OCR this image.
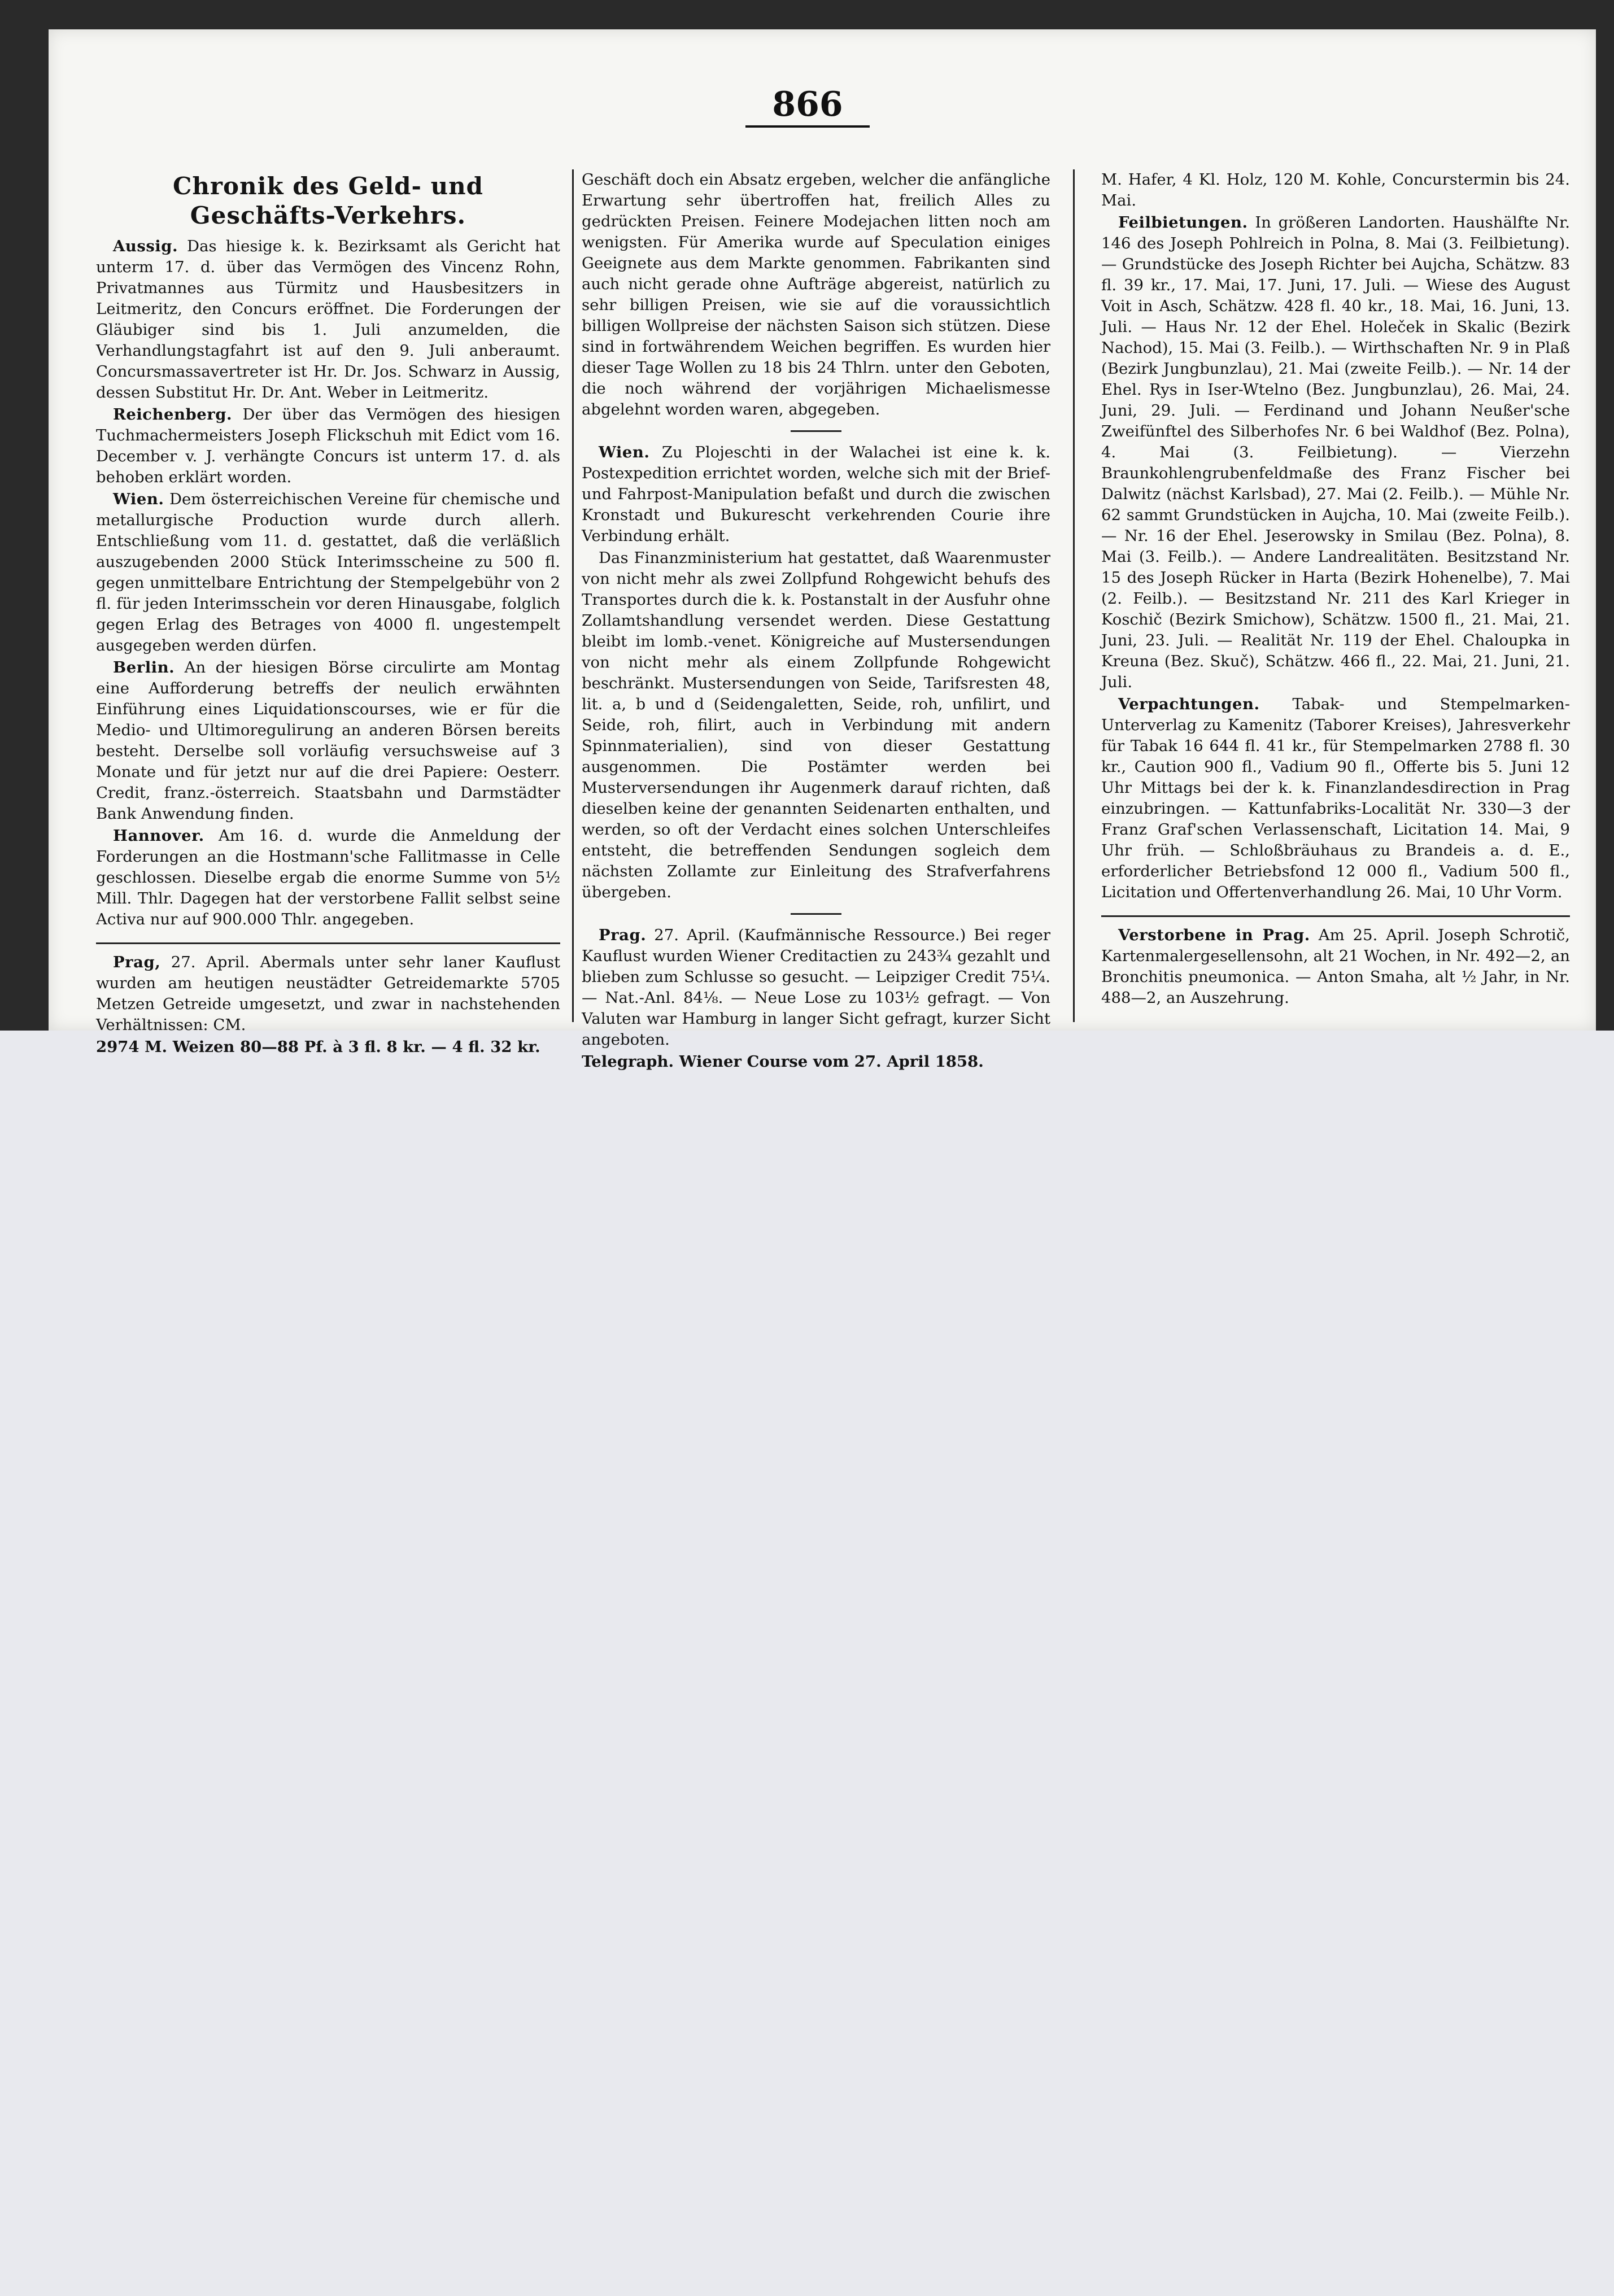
866
Chronik des Geld- und Geschäfts-Verkehrs.

Aussig. Das hiesige k. k. Bezirksamt als Gericht hat unterm 17. d. über das Vermögen des Vincenz Rohn, Privatmannes aus Türmitz und Hausbesitzers in Leitmeritz, den Concurs eröffnet. Die Forderungen der Gläubiger sind bis 1. Juli anzumelden, die Verhandlungstagfahrt ist auf den 9. Juli anberaumt. Concursmassavertreter ist Hr. Dr. Jos. Schwarz in Aussig, dessen Substitut Hr. Dr. Ant. Weber in Leitmeritz.

Reichenberg. Der über das Vermögen des hiesigen Tuchmachermeisters Joseph Flickschuh mit Edict vom 16. December v. J. verhängte Concurs ist unterm 17. d. als behoben erklärt worden.

Wien. Dem österreichischen Vereine für chemische und metallurgische Production wurde durch allerh. Entschließung vom 11. d. gestattet, daß die verläßlich auszugebenden 2000 Stück Interimsscheine zu 500 fl. gegen unmittelbare Entrichtung der Stempelgebühr von 2 fl. für jeden Interimsschein vor deren Hinausgabe, folglich gegen Erlag des Betrages von 4000 fl. ungestempelt ausgegeben werden dürfen.

Berlin. An der hiesigen Börse circulirte am Montag eine Aufforderung betreffs der neulich erwähnten Einführung eines Liquidationscourses, wie er für die Medio- und Ultimoregulirung an anderen Börsen bereits besteht. Derselbe soll vorläufig versuchsweise auf 3 Monate und für jetzt nur auf die drei Papiere: Oesterr. Credit, franz.-österreich. Staatsbahn und Darmstädter Bank Anwendung finden.

Hannover. Am 16. d. wurde die Anmeldung der Forderungen an die Hostmann'sche Fallitmasse in Celle geschlossen. Dieselbe ergab die enorme Summe von 5½ Mill. Thlr. Dagegen hat der verstorbene Fallit selbst seine Activa nur auf 900.000 Thlr. angegeben.

Prag, 27. April. Abermals unter sehr laner Kauflust wurden am heutigen neustädter Getreidemarkte 5705 Metzen Getreide umgesetzt, und zwar in nachstehenden Verhältnissen: CM.

2974 M. Weizen 80—88 Pf. à 3 fl. 8 kr. — 4 fl. 32 kr.

Geschäft doch ein Absatz ergeben, welcher die anfängliche Erwartung sehr übertroffen hat, freilich Alles zu gedrückten Preisen. Feinere Modejachen litten noch am wenigsten. Für Amerika wurde auf Speculation einiges Geeignete aus dem Markte genommen. Fabrikanten sind auch nicht gerade ohne Aufträge abgereist, natürlich zu sehr billigen Preisen, wie sie auf die voraussichtlich billigen Wollpreise der nächsten Saison sich stützen. Diese sind in fortwährendem Weichen begriffen. Es wurden hier dieser Tage Wollen zu 18 bis 24 Thlrn. unter den Geboten, die noch während der vorjährigen Michaelismesse abgelehnt worden waren, abgegeben.

Wien. Zu Plojeschti in der Walachei ist eine k. k. Postexpedition errichtet worden, welche sich mit der Brief- und Fahrpost-Manipulation befaßt und durch die zwischen Kronstadt und Bukurescht verkehrenden Courie ihre Verbindung erhält.

Das Finanzministerium hat gestattet, daß Waarenmuster von nicht mehr als zwei Zollpfund Rohgewicht behufs des Transportes durch die k. k. Postanstalt in der Ausfuhr ohne Zollamtshandlung versendet werden. Diese Gestattung bleibt im lomb.-venet. Königreiche auf Mustersendungen von nicht mehr als einem Zollpfunde Rohgewicht beschränkt. Mustersendungen von Seide, Tarifsresten 48, lit. a, b und d (Seidengaletten, Seide, roh, unfilirt, und Seide, roh, filirt, auch in Verbindung mit andern Spinnmaterialien), sind von dieser Gestattung ausgenommen. Die Postämter werden bei Musterversendungen ihr Augenmerk darauf richten, daß dieselben keine der genannten Seidenarten enthalten, und werden, so oft der Verdacht eines solchen Unterschleifes entsteht, die betreffenden Sendungen sogleich dem nächsten Zollamte zur Einleitung des Strafverfahrens übergeben.

Prag. 27. April. (Kaufmännische Ressource.) Bei reger Kauflust wurden Wiener Creditactien zu 243¾ gezahlt und blieben zum Schlusse so gesucht. — Leipziger Credit 75¼. — Nat.-Anl. 84⅛. — Neue Lose zu 103½ gefragt. — Von Valuten war Hamburg in langer Sicht gefragt, kurzer Sicht angeboten.

Telegraph. Wiener Course vom 27. April 1858.

M. Hafer, 4 Kl. Holz, 120 M. Kohle, Concurstermin bis 24. Mai.

Feilbietungen. In größeren Landorten. Haushälfte Nr. 146 des Joseph Pohlreich in Polna, 8. Mai (3. Feilbietung). — Grundstücke des Joseph Richter bei Aujcha, Schätzw. 83 fl. 39 kr., 17. Mai, 17. Juni, 17. Juli. — Wiese des August Voit in Asch, Schätzw. 428 fl. 40 kr., 18. Mai, 16. Juni, 13. Juli. — Haus Nr. 12 der Ehel. Holeček in Skalic (Bezirk Nachod), 15. Mai (3. Feilb.). — Wirthschaften Nr. 9 in Plaß (Bezirk Jungbunzlau), 21. Mai (zweite Feilb.). — Nr. 14 der Ehel. Rys in Iser-Wtelno (Bez. Jungbunzlau), 26. Mai, 24. Juni, 29. Juli. — Ferdinand und Johann Neußer'sche Zweifünftel des Silberhofes Nr. 6 bei Waldhof (Bez. Polna), 4. Mai (3. Feilbietung). — Vierzehn Braunkohlengrubenfeldmaße des Franz Fischer bei Dalwitz (nächst Karlsbad), 27. Mai (2. Feilb.). — Mühle Nr. 62 sammt Grundstücken in Aujcha, 10. Mai (zweite Feilb.). — Nr. 16 der Ehel. Jeserowsky in Smilau (Bez. Polna), 8. Mai (3. Feilb.). — Andere Landrealitäten. Besitzstand Nr. 15 des Joseph Rücker in Harta (Bezirk Hohenelbe), 7. Mai (2. Feilb.). — Besitzstand Nr. 211 des Karl Krieger in Koschič (Bezirk Smichow), Schätzw. 1500 fl., 21. Mai, 21. Juni, 23. Juli. — Realität Nr. 119 der Ehel. Chaloupka in Kreuna (Bez. Skuč), Schätzw. 466 fl., 22. Mai, 21. Juni, 21. Juli.

Verpachtungen. Tabak- und Stempelmarken-Unterverlag zu Kamenitz (Taborer Kreises), Jahresverkehr für Tabak 16 644 fl. 41 kr., für Stempelmarken 2788 fl. 30 kr., Caution 900 fl., Vadium 90 fl., Offerte bis 5. Juni 12 Uhr Mittags bei der k. k. Finanzlandesdirection in Prag einzubringen. — Kattunfabriks-Localität Nr. 330—3 der Franz Graf'schen Verlassenschaft, Licitation 14. Mai, 9 Uhr früh. — Schloßbräuhaus zu Brandeis a. d. E., erforderlicher Betriebsfond 12 000 fl., Vadium 500 fl., Licitation und Offertenverhandlung 26. Mai, 10 Uhr Vorm.

Verstorbene in Prag. Am 25. April. Joseph Schrotič, Kartenmalergesellensohn, alt 21 Wochen, in Nr. 492—2, an Bronchitis pneumonica. — Anton Smaha, alt ½ Jahr, in Nr. 488—2, an Auszehrung.
